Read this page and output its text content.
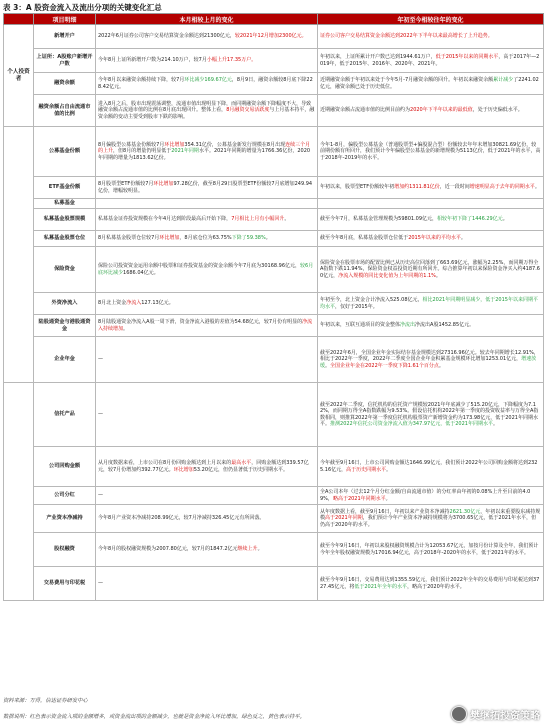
表 3：A 股资金流入及流出分项的关键变化汇总
	项目明细	本月相较上月的变化	年初至今相较往年的变化
个人投资者	新增开户	2022年6月证券公司客户交易结算资金余额达到21300亿元，较2021年12月增加2300亿元。	证券公司客户交易结算资金余额达到2022年下半年以来最高增长了上升趋势。
	上证所：A股账户新增开户数	今年8月上证所新增开户数为214.10万户，较7月小幅上升17.35万户。	年初以来，上证所累计开户数已达到1944.61万户，低于2015年以来的同期水平，高于2017年—2019年，低于2015年、2016年、2020年、2021年。
	融资余额	今年8月以来融资余额持续下降，较7月环比减少169.67亿元，8月9日，融资余额较8月底下降228.42亿元。	近期融资余额于年初以来处于今年5月-7月融资余额的回升。年初以来融资余额累计减少了2241.02亿元，融资余额已处于历史低位。
	融资余额占自由流通市值的比例	进入8月之后，股市出现震荡调整，流通市值出现明显下降，而同期融资余额下降幅度不大，导致融资余额占流通市值的比例在8月底出现回升。整体上看，8月融资交易活跃度与上月基本持平，融资余额的变动主要受到股市下跌的影响。	近期融资余额占流通市值的比例目前约为2020年下半年以来的最低值，处于历史偏低水平。
	公募基金份额	8月偏股型公募基金份额较7月环比增加354.31亿份，公募基金新发行规模在8月出现连续三个月的上升，但8月的增量仍明显低于2021年同期水平。2021年同期的增量为1766.36亿份，2020年同期的增量为1813.62亿份。	今年1-8月，偏股型公募基金（普通股票型+偏股混合型）份额较去年年末增加30821.69亿份，较前期份额有所回升，我们预计今年偏股型公募基金的新增规模为5113亿份，低于2021年的水平，高于2018年-2019年的水平。
	ETF基金份额	8月股票型ETF份额较7月环比增加97.28亿份，截至8月29日股票型ETF份额较7月底增加249.94亿份，增幅较明显。	年初以来，股票型ETF份额较年初增加约1311.81亿份，近一段时间增速明显高于去年的同期水平。
	私募基金		
	私募基金股票规模	私募基金证券投资规模在今年4月达到阶段最高后开始下降，7月相比上月有小幅回升。	截至今年7月，私募基金管理规模为59801.09亿元，相较年初下降了1446.29亿元。
	私募基金股票仓位	8月私募基金股票仓位较7月环比增加，8月底仓位为63.75%下降了59.38%。	截至今年8月底，私募基金股票仓位低于2015年以来的平均水平。
	保险资金	保险公司投资资金运用余额中股票和证券投资基金的资金余额今年7月底为30168.96亿元，较6月底环比减少1686.04亿元。	保险资金在股票市场的配置比例已从历史高位回落到了663.69亿元，涨幅为2.25%，而同期万得全A指数下跌11.94%，保险资金权益投资近期有所回升。综合推算年初以来保险资金净买入约4187.60亿元，净流入规模的同比变化值为上年同期的1.1%。
	外资净流入	8月北上资金净流入127.13亿元。	年初至今，北上资金合计净流入525.08亿元，相比2021年同期明显减少，低于2015年以来同期平均水平，仅好于2015年。
	陆股通资金与港股通资金	8月陆股通资金净流入A股一周下滑，资金净流入港股的差值为54.68亿元，较7月份有明显的净流入持续增加。	年初以来，互联互通项目的资金整体净流出净流出A股1452.85亿元。
	企业年金	—	截至2022年6月，全国企业年金实际结存基金规模达到27316.96亿元。较去年同期增长12.91%，相比于2022年一季度，2022年二季度全国企业年金积累基金规模环比增加1253.01亿元，增速放缓。全国企业年金在2022年一季度下降1.61个百分点。
	信托产品	—	截至2022年二季度，信托机构的信托资产规模较2021年年底减少了515.20亿元，下降幅度为7.12%，而同期万得全A指数跌幅为9.53%。假设信托机构2022年第一季度的投资收益率与万得全A指数相同，则推算2022年第一季度信托机构股票资产新增资金约为173.98亿元，低于2021年同期水平。推测2022年信托公司资金净流入值为347.97亿元，低于2021年同期水平。
	公司回购金额	从月度数据来看，上市公司在8月份回购金额达到上月以来的最高水平，回购金额达到339.57亿元，较7月份增加约392.77亿元。环比增加53.20亿元，但仍显著低于历史同期水平。	今年截至9月16日，上市公司回购金额达1646.99亿元，我们预计2022年公司回购金额将达到2325.16亿元，高于历史同期水平。
	公司分红	—	全A公司本年（过去12个月分红金额/自由流通市值）的分红率由年初的0.08%上升至目前的4.09%，略高于2021年同期水平。
	产业资本净减持	今年8月产业资本净减持208.99亿元，较7月净减持326.45亿元有所回落。	从年度数据上看，截至9月16日，年初以来产业资本净减持2621.30亿元，年初以来重要股东减持规模高于2021年同期，我们预计今年产业资本净减持规模将为3700.65亿元，低于2021年水平，但仍高于2020年的水平。
	股权融资	今年8月的股权融资规模为2007.80亿元，较7月的1847.2亿元继续上升。	截至今年9月16日，年初以来股权融资规模合计为12053.67亿元，加按月份计算及全年，我们预计今年全年股权融资规模为17016.94亿元，高于2018年-2020年的水平，低于2021年的水平。
	交易费用与印花税	—	截至今年9月16日，交易费用达到1355.59亿元，我们预计2022年全年的交易费用与印花税达到3727.45亿元，将低于2021年全年的水平，略高于2020年的水平。
资料来源：万得，信达证券研发中心
数据说明：红色表示资金流入项的金额增多，或资金流出项的金额减少，也就是资金净流入环比增加。绿色反之，黄色表示持平。	樊继拓投资策略
